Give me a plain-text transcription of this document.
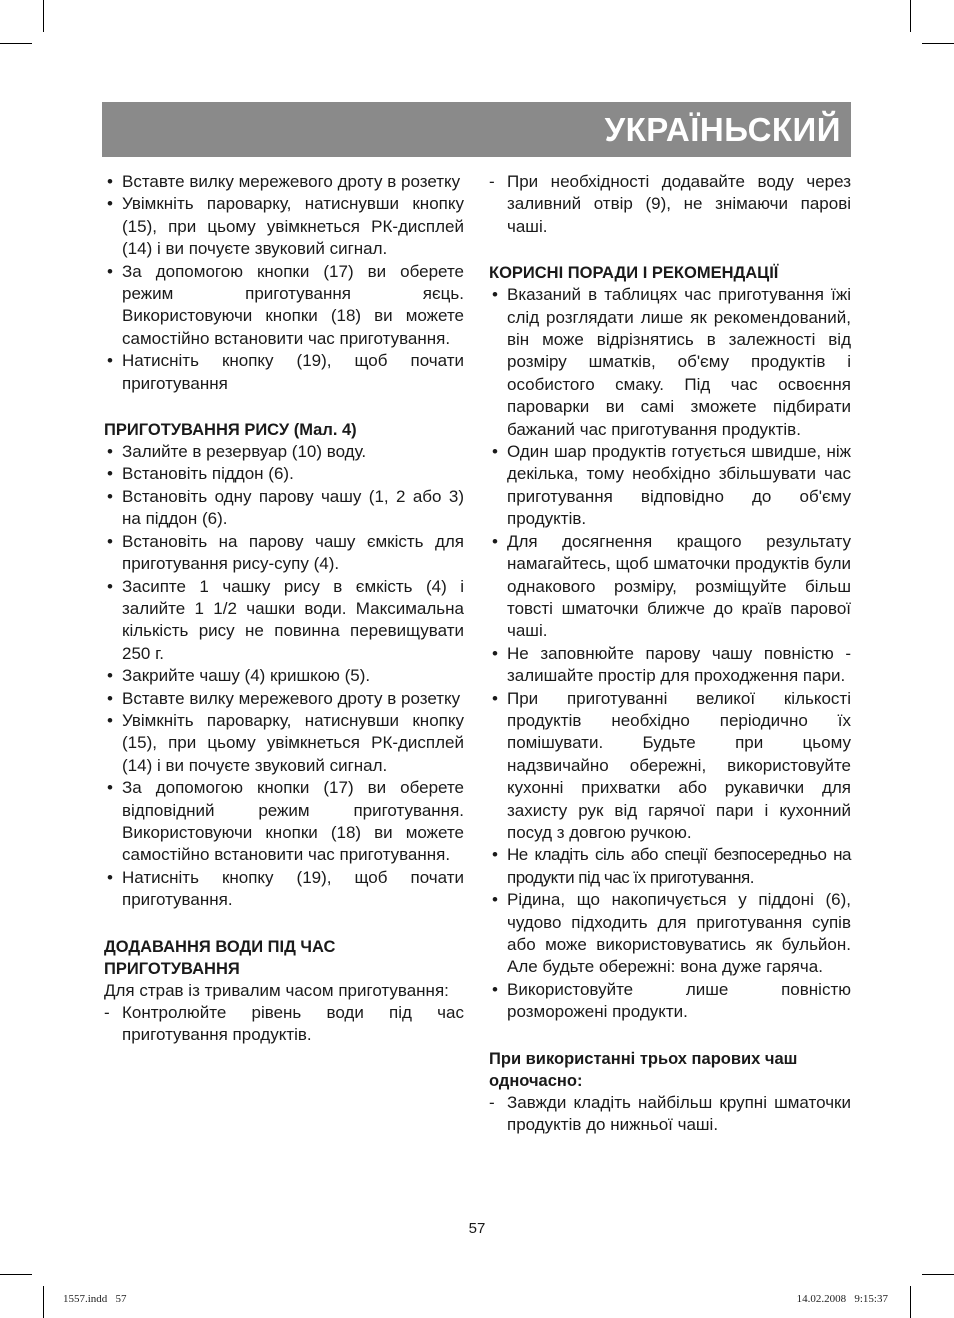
УКРАЇНЬСКИЙ
• Вставте вилку мережевого дроту в розетку
• Увімкніть пароварку, натиснувши кнопку (15), при цьому увімкнеться РК-дисплей (14) і ви почуєте звуковий сигнал.
• За допомогою кнопки (17) ви оберете режим приготування яєць. Використовуючи кнопки (18) ви можете самостійно встановити час приготування.
• Натисніть кнопку (19), щоб почати приготування

ПРИГОТУВАННЯ РИСУ (Мал. 4)

• Залийте в резервуар (10) воду.
• Встановіть піддон (6).
• Встановіть одну парову чашу (1, 2 або 3) на піддон (6).
• Встановіть на парову чашу ємкість для приготування рису-супу (4).
• Засипте 1 чашку рису в ємкість (4) і залийте 1 1/2 чашки води. Максимальна кількість рису не повинна перевищувати 250 г.
• Закрийте чашу (4) кришкою (5).
• Вставте вилку мережевого дроту в розетку
• Увімкніть пароварку, натиснувши кнопку (15), при цьому увімкнеться РК-дисплей (14) і ви почуєте звуковий сигнал.
• За допомогою кнопки (17) ви оберете відповідний режим приготування. Використовуючи кнопки (18) ви можете самостійно встановити час приготування.
• Натисніть кнопку (19), щоб почати приготування.

ДОДАВАННЯ ВОДИ ПІД ЧАС ПРИГОТУВАННЯ

Для страв із тривалим часом приготування:

- Контролюйте рівень води під час приготування продуктів.
- При необхідності додавайте воду через заливний отвір (9), не знімаючи парові чаші.

КОРИСНІ ПОРАДИ І РЕКОМЕНДАЦІЇ

• Вказаний в таблицях час приготування їжі слід розглядати лише як рекомендований, він може відрізнятись в залежності від розміру шматків, об'єму продуктів і особистого смаку. Під час освоєння пароварки ви самі зможете підбирати бажаний час приготування продуктів.
• Один шар продуктів готується швидше, ніж декілька, тому необхідно збільшувати час приготування відповідно до об'єму продуктів.
• Для досягнення кращого результату намагайтесь, щоб шматочки продуктів були однакового розміру, розміщуйте більш товсті шматочки ближче до країв парової чаші.
• Не заповнюйте парову чашу повністю - залишайте простір для проходження пари.
• При приготуванні великої кількості продуктів необхідно періодично їх помішувати. Будьте при цьому надзвичайно обережні, використовуйте кухонні прихватки або рукавички для захисту рук від гарячої пари і кухонний посуд з довгою ручкою.
• Не кладіть сіль або спеції безпосередньо на продукти під час їх приготування.
• Рідина, що накопичується у піддоні (6), чудово підходить для приготування супів або може використовуватись як бульйон. Але будьте обережні: вона дуже гаряча.
• Використовуйте лише повністю розморожені продукти.

При використанні трьох парових чаш одночасно:

- Завжди кладіть найбільш крупні шматочки продуктів до нижньої чаші.
57
1557.indd   57	14.02.2008   9:15:37
